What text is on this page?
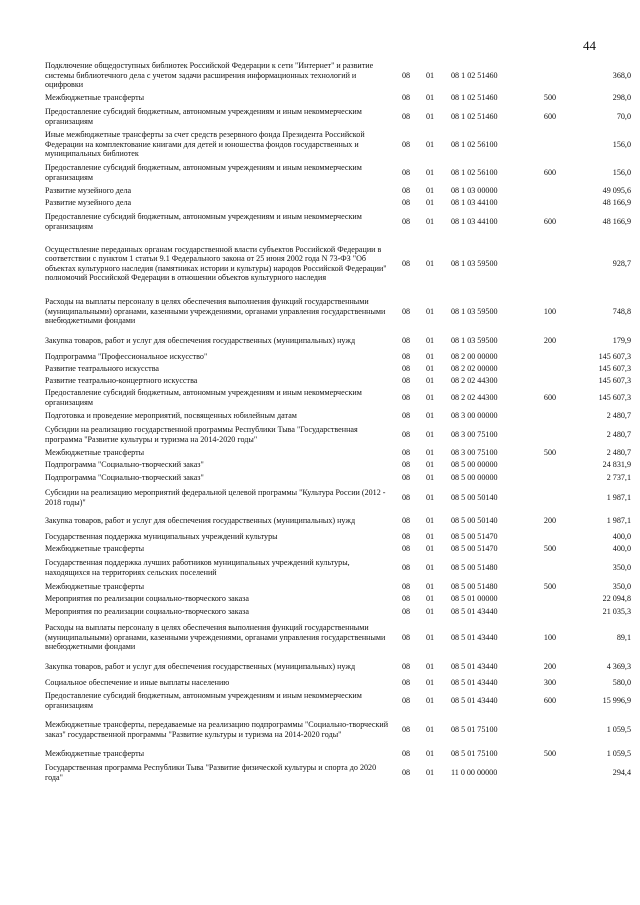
44
Подключение общедоступных библиотек Российской Федерации к сети "Интернет" и развитие системы библиотечного дела с учетом задачи расширения информационных технологий и оцифровки	08	01	08 1 02 51460		368,0
Межбюджетные трансферты	08	01	08 1 02 51460	500	298,0
Предоставление субсидий бюджетным, автономным учреждениям и иным некоммерческим организациям	08	01	08 1 02 51460	600	70,0
Иные межбюджетные трансферты за счет средств резервного фонда Президента Российской Федерации на комплектование книгами для детей и юношества фондов государственных и муниципальных библиотек	08	01	08 1 02 56100		156,0
Предоставление субсидий бюджетным, автономным учреждениям и иным некоммерческим организациям	08	01	08 1 02 56100	600	156,0
Развитие музейного дела	08	01	08 1 03 00000		49 095,6
Развитие музейного дела	08	01	08 1 03 44100		48 166,9
Предоставление субсидий бюджетным, автономным учреждениям и иным некоммерческим организациям	08	01	08 1 03 44100	600	48 166,9
Осуществление переданных органам государственной власти субъектов Российской Федерации в соответствии с пунктом 1 статьи 9.1 Федерального закона от 25 июня 2002 года N 73-ФЗ "Об объектах культурного наследия (памятниках истории и культуры) народов Российской Федерации" полномочий Российской Федерации в отношении объектов культурного наследия	08	01	08 1 03 59500		928,7
Расходы на выплаты персоналу в целях обеспечения выполнения функций государственными (муниципальными) органами, казенными учреждениями, органами управления государственными внебюджетными фондами	08	01	08 1 03 59500	100	748,8
Закупка товаров, работ и услуг для обеспечения государственных (муниципальных) нужд	08	01	08 1 03 59500	200	179,9
Подпрограмма "Профессиональное искусство"	08	01	08 2 00 00000		145 607,3
Развитие театрального искусства	08	01	08 2 02 00000		145 607,3
Развитие театрально-концертного искусства	08	01	08 2 02 44300		145 607,3
Предоставление субсидий бюджетным, автономным учреждениям и иным некоммерческим организациям	08	01	08 2 02 44300	600	145 607,3
Подготовка и проведение мероприятий, посвященных юбилейным датам	08	01	08 3 00 00000		2 480,7
Субсидии на реализацию государственной программы Республики Тыва "Государственная программа "Развитие культуры и туризма на 2014-2020 годы"	08	01	08 3 00 75100		2 480,7
Межбюджетные трансферты	08	01	08 3 00 75100	500	2 480,7
Подпрограмма "Социально-творческий заказ"	08	01	08 5 00 00000		24 831,9
Подпрограмма "Социально-творческий заказ"	08	01	08 5 00 00000		2 737,1
Субсидии на реализацию мероприятий федеральной целевой программы "Культура России (2012 - 2018 годы)"	08	01	08 5 00 50140		1 987,1
Закупка товаров, работ и услуг для обеспечения государственных (муниципальных) нужд	08	01	08 5 00 50140	200	1 987,1
Государственная поддержка муниципальных учреждений культуры	08	01	08 5 00 51470		400,0
Межбюджетные трансферты	08	01	08 5 00 51470	500	400,0
Государственная поддержка лучших работников муниципальных учреждений культуры, находящихся на территориях сельских поселений	08	01	08 5 00 51480		350,0
Межбюджетные трансферты	08	01	08 5 00 51480	500	350,0
Мероприятия по реализации социально-творческого заказа	08	01	08 5 01 00000		22 094,8
Мероприятия по реализации социально-творческого заказа	08	01	08 5 01 43440		21 035,3
Расходы на выплаты персоналу в целях обеспечения выполнения функций государственными (муниципальными) органами, казенными учреждениями, органами управления государственными внебюджетными фондами	08	01	08 5 01 43440	100	89,1
Закупка товаров, работ и услуг для обеспечения государственных (муниципальных) нужд	08	01	08 5 01 43440	200	4 369,3
Социальное обеспечение и иные выплаты населению	08	01	08 5 01 43440	300	580,0
Предоставление субсидий бюджетным, автономным учреждениям и иным некоммерческим организациям	08	01	08 5 01 43440	600	15 996,9
Межбюджетные трансферты, передаваемые на реализацию подпрограммы "Социально-творческий заказ" государственной программы "Развитие культуры и туризма на 2014-2020 годы"	08	01	08 5 01 75100		1 059,5
Межбюджетные трансферты	08	01	08 5 01 75100	500	1 059,5
Государственная программа Республики Тыва "Развитие физической культуры и спорта до 2020 года"	08	01	11 0 00 00000		294,4
